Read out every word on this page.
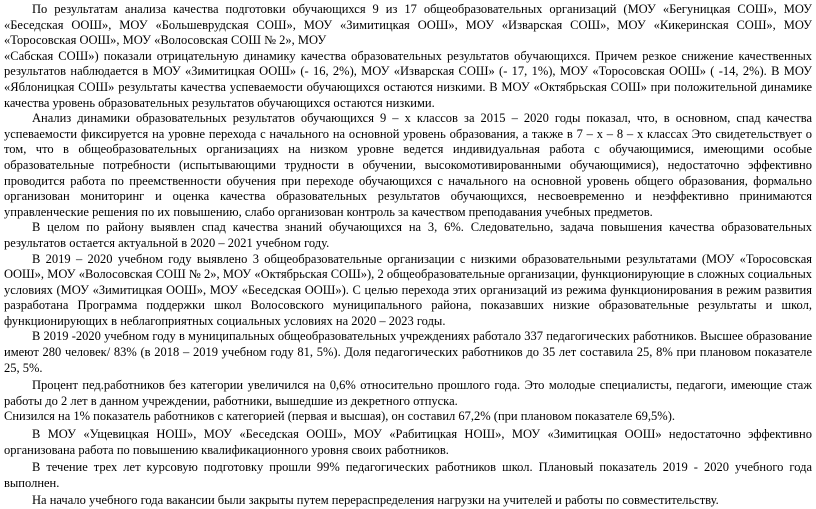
По результатам анализа качества подготовки обучающихся 9 из 17 общеобразовательных организаций (МОУ «Бегуницкая СОШ», МОУ «Беседская ООШ», МОУ «Большеврудская СОШ», МОУ «Зимитицкая ООШ», МОУ «Изварская СОШ», МОУ «Кикеринская СОШ», МОУ «Торосовская ООШ», МОУ «Волосовская СОШ № 2», МОУ

«Сабская СОШ») показали отрицательную динамику качества образовательных результатов обучающихся. Причем резкое снижение качественных результатов наблюдается в МОУ «Зимитицкая ООШ» (- 16, 2%), МОУ «Изварская СОШ» (- 17, 1%), МОУ «Торосовская ООШ» ( -14, 2%). В МОУ «Яблоницкая СОШ» результаты качества успеваемости обучающихся остаются низкими. В МОУ «Октябрьская СОШ» при положительной динамике качества уровень образовательных результатов обучающихся остаются низкими.

Анализ динамики образовательных результатов обучающихся 9 – х классов за 2015 – 2020 годы показал, что, в основном, спад качества успеваемости фиксируется на уровне перехода с начального на основной уровень образования, а также в 7 – х – 8 – х классах Это свидетельствует о том, что в общеобразовательных организациях на низком уровне ведется индивидуальная работа с обучающимися, имеющими особые образовательные потребности (испытывающими трудности в обучении, высокомотивированными обучающимися), недостаточно эффективно проводится работа по преемственности обучения при переходе обучающихся с начального на основной уровень общего образования, формально организован мониторинг и оценка качества образовательных результатов обучающихся, несвоевременно и неэффективно принимаются управленческие решения по их повышению, слабо организован контроль за качеством преподавания учебных предметов.

В целом по району выявлен спад качества знаний обучающихся на 3, 6%. Следовательно, задача повышения качества образовательных результатов остается актуальной в 2020 – 2021 учебном году.

В 2019 – 2020 учебном году выявлено 3 общеобразовательные организации с низкими образовательными результатами (МОУ «Торосовская ООШ», МОУ «Волосовская СОШ № 2», МОУ «Октябрьская СОШ»), 2 общеобразовательные организации, функционирующие в сложных социальных условиях (МОУ «Зимитицкая ООШ», МОУ «Беседская ООШ»). С целью перехода этих организаций из режима функционирования в режим развития разработана Программа поддержки школ Волосовского муниципального района, показавших низкие образовательные результаты и школ, функционирующих в неблагоприятных социальных условиях на 2020 – 2023 годы.

В 2019 -2020 учебном году в муниципальных общеобразовательных учреждениях работало 337 педагогических работников. Высшее образование имеют 280 человек/ 83% (в 2018 – 2019 учебном году 81, 5%). Доля педагогических работников до 35 лет составила 25, 8% при плановом показателе 25, 5%.

Процент пед.работников без категории увеличился на 0,6% относительно прошлого года. Это молодые специалисты, педагоги, имеющие стаж работы до 2 лет в данном учреждении, работники, вышедшие из декретного отпуска.

Снизился на 1% показатель работников с категорией (первая и высшая), он составил 67,2% (при плановом показателе 69,5%).

В МОУ «Ущевицкая НОШ», МОУ «Беседская ООШ», МОУ «Рабитицкая НОШ», МОУ «Зимитицкая ООШ» недостаточно эффективно организована работа по повышению квалификационного уровня своих работников.

В течение трех лет курсовую подготовку прошли 99% педагогических работников школ. Плановый показатель 2019 - 2020 учебного года выполнен.

На начало учебного года вакансии были закрыты путем перераспределения нагрузки на учителей и работы по совместительству.
